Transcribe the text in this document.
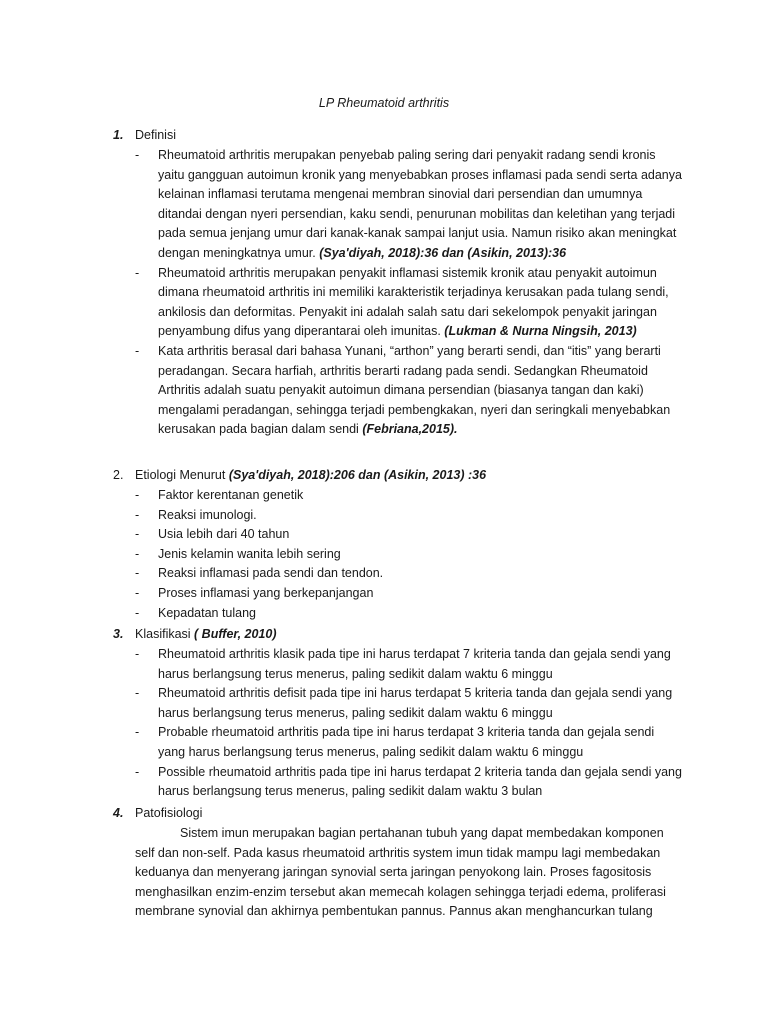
LP Rheumatoid arthritis
1. Definisi
- Rheumatoid arthritis merupakan penyebab paling sering dari penyakit radang sendi kronis yaitu gangguan autoimun kronik yang menyebabkan proses inflamasi pada sendi serta adanya kelainan inflamasi terutama mengenai membran sinovial dari persendian dan umumnya ditandai dengan nyeri persendian, kaku sendi, penurunan mobilitas dan keletihan yang terjadi pada semua jenjang umur dari kanak-kanak sampai lanjut usia. Namun risiko akan meningkat dengan meningkatnya umur. (Sya'diyah, 2018):36 dan (Asikin, 2013):36
- Rheumatoid arthritis merupakan penyakit inflamasi sistemik kronik atau penyakit autoimun dimana rheumatoid arthritis ini memiliki karakteristik terjadinya kerusakan pada tulang sendi, ankilosis dan deformitas. Penyakit ini adalah salah satu dari sekelompok penyakit jaringan penyambung difus yang diperantarai oleh imunitas. (Lukman & Nurna Ningsih, 2013)
- Kata arthritis berasal dari bahasa Yunani, “arthon” yang berarti sendi, dan “itis” yang berarti peradangan. Secara harfiah, arthritis berarti radang pada sendi. Sedangkan Rheumatoid Arthritis adalah suatu penyakit autoimun dimana persendian (biasanya tangan dan kaki) mengalami peradangan, sehingga terjadi pembengkakan, nyeri dan seringkali menyebabkan kerusakan pada bagian dalam sendi (Febriana,2015).
2. Etiologi Menurut (Sya'diyah, 2018):206 dan (Asikin, 2013) :36
- Faktor kerentanan genetik
- Reaksi imunologi.
- Usia lebih dari 40 tahun
- Jenis kelamin wanita lebih sering
- Reaksi inflamasi pada sendi dan tendon.
- Proses inflamasi yang berkepanjangan
- Kepadatan tulang
3. Klasifikasi ( Buffer, 2010)
- Rheumatoid arthritis klasik pada tipe ini harus terdapat 7 kriteria tanda dan gejala sendi yang harus berlangsung terus menerus, paling sedikit dalam waktu 6 minggu
- Rheumatoid arthritis defisit pada tipe ini harus terdapat 5 kriteria tanda dan gejala sendi yang harus berlangsung terus menerus, paling sedikit dalam waktu 6 minggu
- Probable rheumatoid arthritis pada tipe ini harus terdapat 3 kriteria tanda dan gejala sendi yang harus berlangsung terus menerus, paling sedikit dalam waktu 6 minggu
- Possible rheumatoid arthritis pada tipe ini harus terdapat 2 kriteria tanda dan gejala sendi yang harus berlangsung terus menerus, paling sedikit dalam waktu 3 bulan
4. Patofisiologi
Sistem imun merupakan bagian pertahanan tubuh yang dapat membedakan komponen self dan non-self. Pada kasus rheumatoid arthritis system imun tidak mampu lagi membedakan keduanya dan menyerang jaringan synovial serta jaringan penyokong lain. Proses fagositosis menghasilkan enzim-enzim tersebut akan memecah kolagen sehingga terjadi edema, proliferasi membrane synovial dan akhirnya pembentukan pannus. Pannus akan menghancurkan tulang
